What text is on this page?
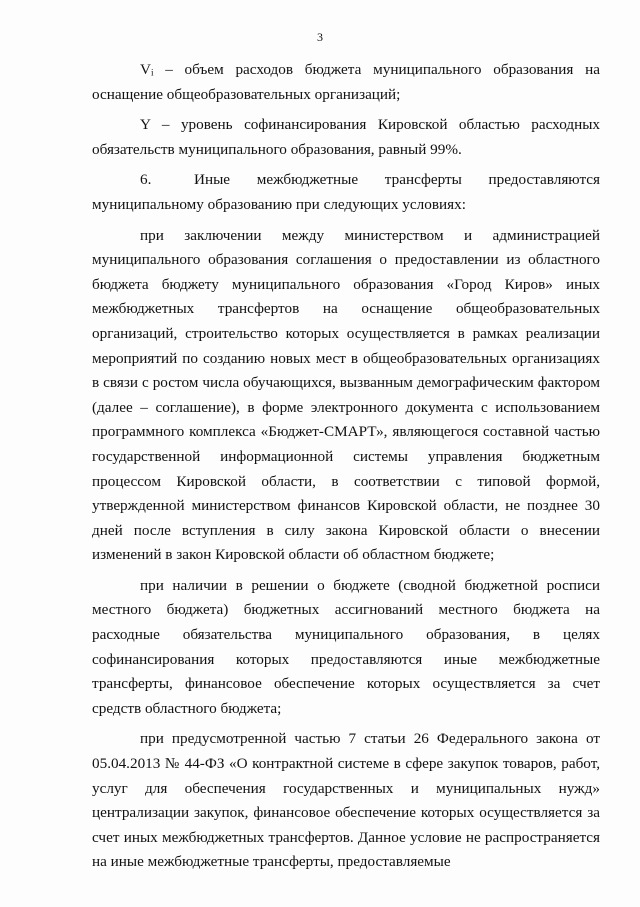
3

Vᵢ – объем расходов бюджета муниципального образования на оснащение общеобразовательных организаций;

Y – уровень софинансирования Кировской областью расходных обязательств муниципального образования, равный 99%.

6.	Иные межбюджетные трансферты предоставляются муниципальному образованию при следующих условиях:

при заключении между министерством и администрацией муниципального образования соглашения о предоставлении из областного бюджета бюджету муниципального образования «Город Киров» иных межбюджетных трансфертов на оснащение общеобразовательных организаций, строительство которых осуществляется в рамках реализации мероприятий по созданию новых мест в общеобразовательных организациях в связи с ростом числа обучающихся, вызванным демографическим фактором (далее – соглашение), в форме электронного документа с использованием программного комплекса «Бюджет-СМАРТ», являющегося составной частью государственной информационной системы управления бюджетным процессом Кировской области, в соответствии с типовой формой, утвержденной министерством финансов Кировской области, не позднее 30 дней после вступления в силу закона Кировской области о внесении изменений в закон Кировской области об областном бюджете;

при наличии в решении о бюджете (сводной бюджетной росписи местного бюджета) бюджетных ассигнований местного бюджета на расходные обязательства муниципального образования, в целях софинансирования которых предоставляются иные межбюджетные трансферты, финансовое обеспечение которых осуществляется за счет средств областного бюджета;

при предусмотренной частью 7 статьи 26 Федерального закона от 05.04.2013 № 44-ФЗ «О контрактной системе в сфере закупок товаров, работ, услуг для обеспечения государственных и муниципальных нужд» централизации закупок, финансовое обеспечение которых осуществляется за счет иных межбюджетных трансфертов. Данное условие не распространяется на иные межбюджетные трансферты, предоставляемые
